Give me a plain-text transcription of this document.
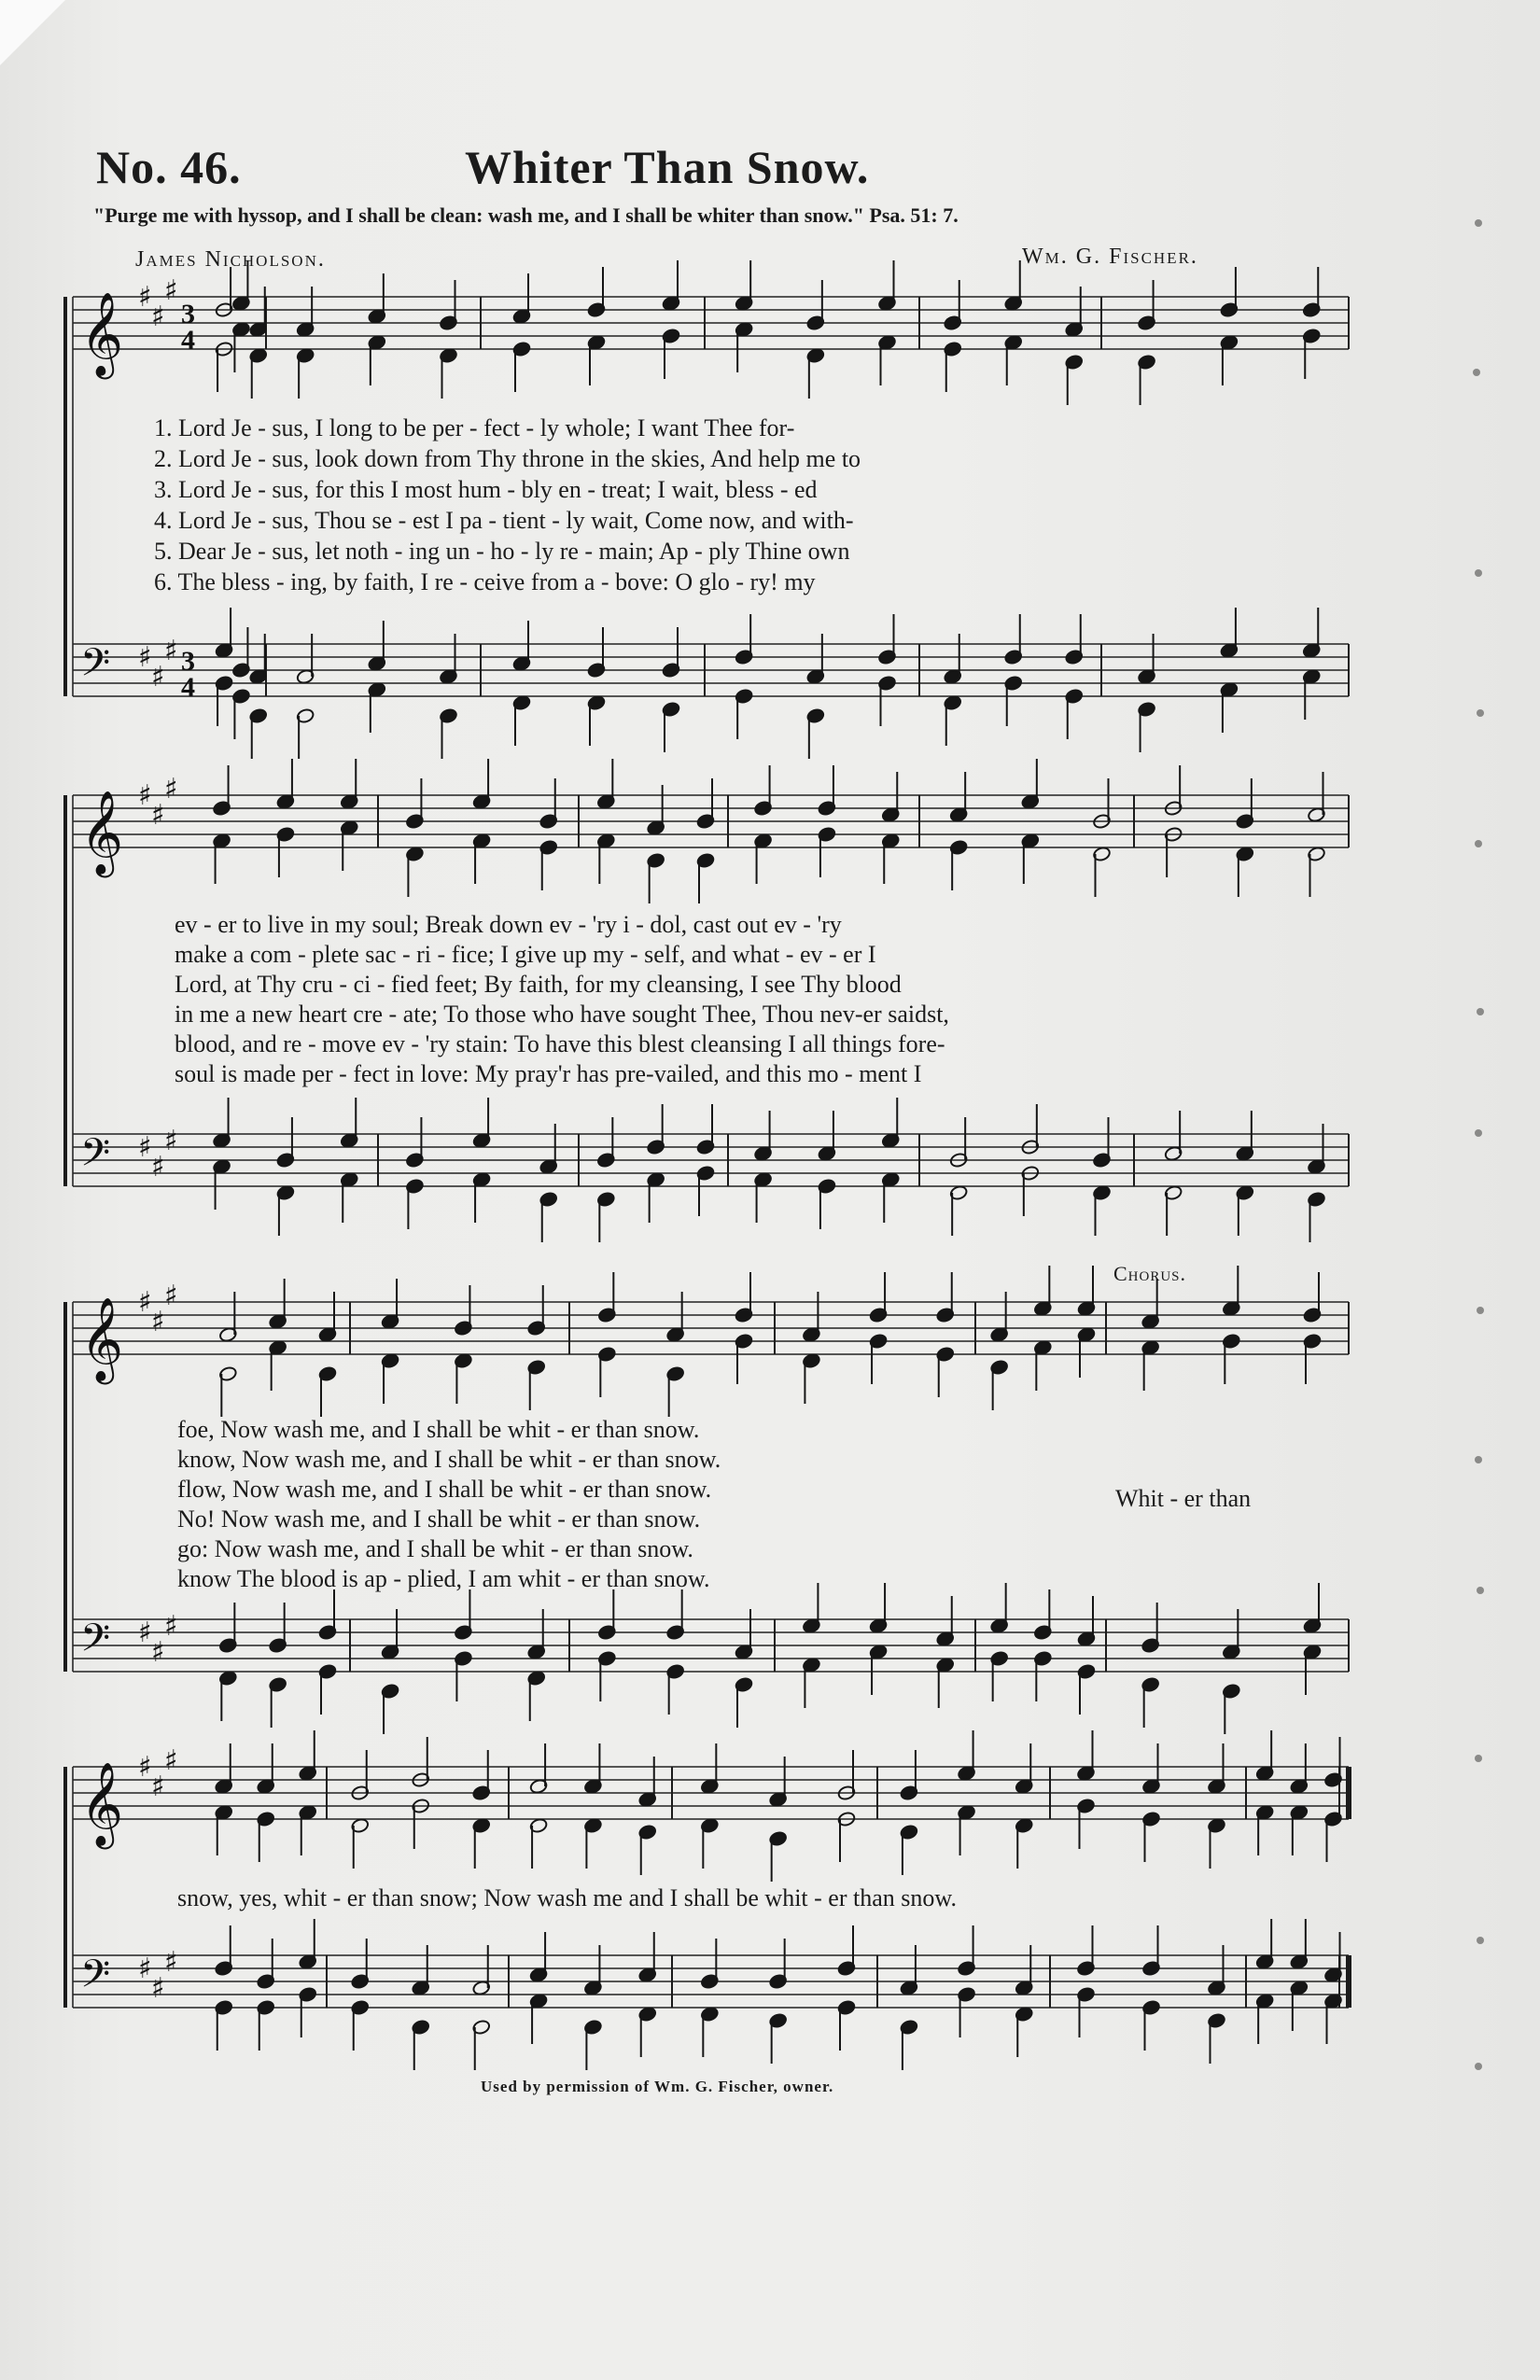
No. 46.	Whiter Than Snow.
"Purge me with hyssop, and I shall be clean: wash me, and I shall be whiter than snow." Psa. 51: 7.
James Nicholson.	Wm. G. Fischer.
𝄞 ♯
♯
♯
3
4
𝄢 ♯
♯
♯ 3
4
𝄞 ♯
♯
♯
𝄢 ♯
♯
♯
𝄞 ♯
♯
♯
𝄢 ♯
♯
♯
𝄞 ♯
♯
♯
𝄢 ♯
♯
♯
1. Lord Je - sus, I long to be per - fect - ly whole; I want Thee for-
2. Lord Je - sus, look down from Thy throne in the skies, And help me to
3. Lord Je - sus, for this I most hum - bly en - treat; I wait, bless - ed
4. Lord Je - sus, Thou se - est I pa - tient - ly wait, Come now, and with-
5. Dear Je - sus, let noth - ing un - ho - ly re - main; Ap - ply Thine own
6. The bless - ing, by faith, I re - ceive from a - bove: O glo - ry! my
ev - er to live in my soul; Break down ev - 'ry i - dol, cast out ev - 'ry
make a com - plete sac - ri - fice; I give up my - self, and what - ev - er I
Lord, at Thy cru - ci - fied feet; By faith, for my cleansing, I see Thy blood
in me a new heart cre - ate; To those who have sought Thee, Thou nev-er saidst,
blood, and re - move ev - 'ry stain: To have this blest cleansing I all things fore-
soul is made per - fect in love: My pray'r has pre-vailed, and this mo - ment I
Chorus.
foe, Now wash me, and I shall be whit - er than snow.
know, Now wash me, and I shall be whit - er than snow.
flow, Now wash me, and I shall be whit - er than snow.
No! Now wash me, and I shall be whit - er than snow.
go: Now wash me, and I shall be whit - er than snow.
know The blood is ap - plied, I am whit - er than snow.
Whit - er than
snow, yes, whit - er than snow; Now wash me and I shall be whit - er than snow.
Used by permission of Wm. G. Fischer, owner.
